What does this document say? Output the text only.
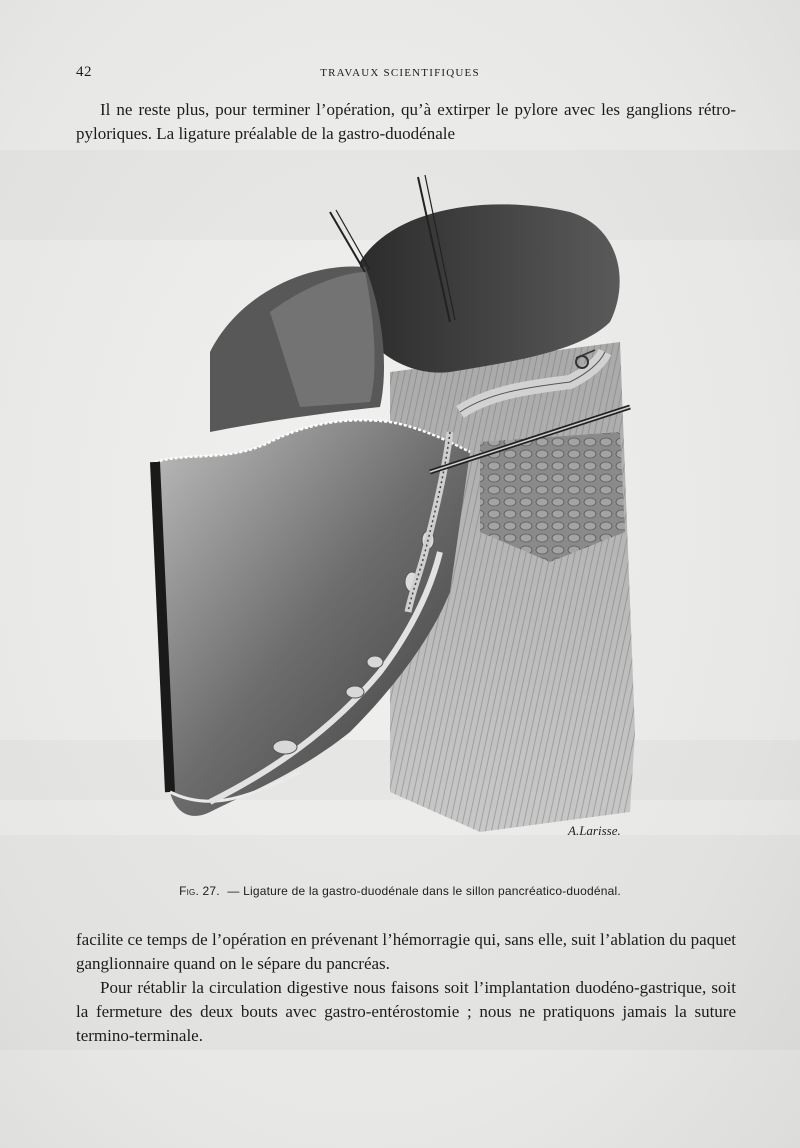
42	TRAVAUX SCIENTIFIQUES

Il ne reste plus, pour terminer l’opération, qu’à extirper le pylore avec les ganglions rétro-pyloriques. La ligature préalable de la gastro-duodénale

A.Larisse.
Fig. 27. — Ligature de la gastro-duodénale dans le sillon pancréatico-duodénal.

facilite ce temps de l’opération en prévenant l’hémorragie qui, sans elle, suit l’ablation du paquet ganglionnaire quand on le sépare du pancréas.

Pour rétablir la circulation digestive nous faisons soit l’implantation duodéno-gastrique, soit la fermeture des deux bouts avec gastro-entérostomie ; nous ne pratiquons jamais la suture termino-terminale.
